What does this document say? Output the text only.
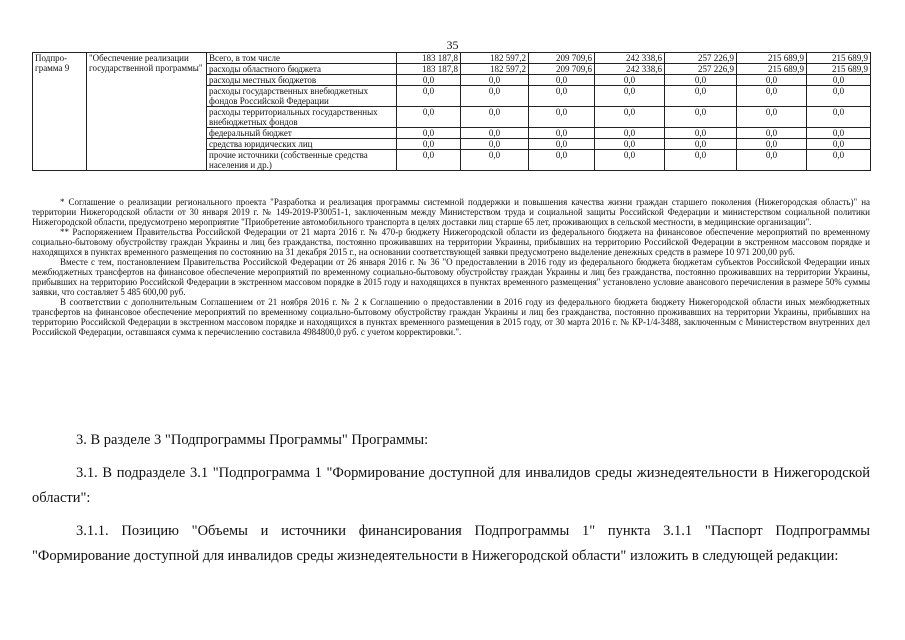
35
Подпро-грамма 9	"Обеспечение реализации государственной программы"	Всего, в том числе	183 187,8	182 597,2	209 709,6	242 338,6	257 226,9	215 689,9	215 689,9
		расходы областного бюджета	183 187,8	182 597,2	209 709,6	242 338,6	257 226,9	215 689,9	215 689,9
		расходы местных бюджетов	0,0	0,0	0,0	0,0	0,0	0,0	0,0
		расходы государственных внебюджетных фондов Российской Федерации	0,0	0,0	0,0	0,0	0,0	0,0	0,0
		расходы территориальных государственных внебюджетных фондов	0,0	0,0	0,0	0,0	0,0	0,0	0,0
		федеральный бюджет	0,0	0,0	0,0	0,0	0,0	0,0	0,0
		средства юридических лиц	0,0	0,0	0,0	0,0	0,0	0,0	0,0
		прочие источники (собственные средства населения и др.)	0,0	0,0	0,0	0,0	0,0	0,0	0,0

* Соглашение о реализации регионального проекта "Разработка и реализация программы системной поддержки и повышения качества жизни граждан старшего поколения (Нижегородская область)" на территории Нижегородской области от 30 января 2019 г. № 149-2019-Р30051-1, заключенным между Министерством труда и социальной защиты Российской Федерации и министерством социальной политики Нижегородской области, предусмотрено мероприятие "Приобретение автомобильного транспорта в целях доставки лиц старше 65 лет, проживающих в сельской местности, в медицинские организации".

** Распоряжением Правительства Российской Федерации от 21 марта 2016 г. № 470-р бюджету Нижегородской области из федерального бюджета на финансовое обеспечение мероприятий по временному социально-бытовому обустройству граждан Украины и лиц без гражданства, постоянно проживавших на территории Украины, прибывших на территорию Российской Федерации в экстренном массовом порядке и находящихся в пунктах временного размещения по состоянию на 31 декабря 2015 г., на основании соответствующей заявки предусмотрено выделение денежных средств в размере 10 971 200,00 руб.

Вместе с тем, постановлением Правительства Российской Федерации от 26 января 2016 г. № 36 "О предоставлении в 2016 году из федерального бюджета бюджетам субъектов Российской Федерации иных межбюджетных трансфертов на финансовое обеспечение мероприятий по временному социально-бытовому обустройству граждан Украины и лиц без гражданства, постоянно проживавших на территории Украины, прибывших на территорию Российской Федерации в экстренном массовом порядке в 2015 году и находящихся в пунктах временного размещения" установлено условие авансового перечисления в размере 50% суммы заявки, что составляет 5 485 600,00 руб.

В соответствии с дополнительным Соглашением от 21 ноября 2016 г. № 2 к Соглашению о предоставлении в 2016 году из федерального бюджета бюджету Нижегородской области иных межбюджетных трансфертов на финансовое обеспечение мероприятий по временному социально-бытовому обустройству граждан Украины и лиц без гражданства, постоянно проживавших на территории Украины, прибывших на территорию Российской Федерации в экстренном массовом порядке и находящихся в пунктах временного размещения в 2015 году, от 30 марта 2016 г. № КР-1/4-3488, заключенным с Министерством внутренних дел Российской Федерации, оставшаяся сумма к перечислению составила 4984800,0 руб. с учетом корректировки.".

3. В разделе 3 "Подпрограммы Программы" Программы:

3.1. В подразделе 3.1 "Подпрограмма 1 "Формирование доступной для инвалидов среды жизнедеятельности в Нижегородской области":

3.1.1. Позицию "Объемы и источники финансирования Подпрограммы 1" пункта 3.1.1 "Паспорт Подпрограммы "Формирование доступной для инвалидов среды жизнедеятельности в Нижегородской области" изложить в следующей редакции:
